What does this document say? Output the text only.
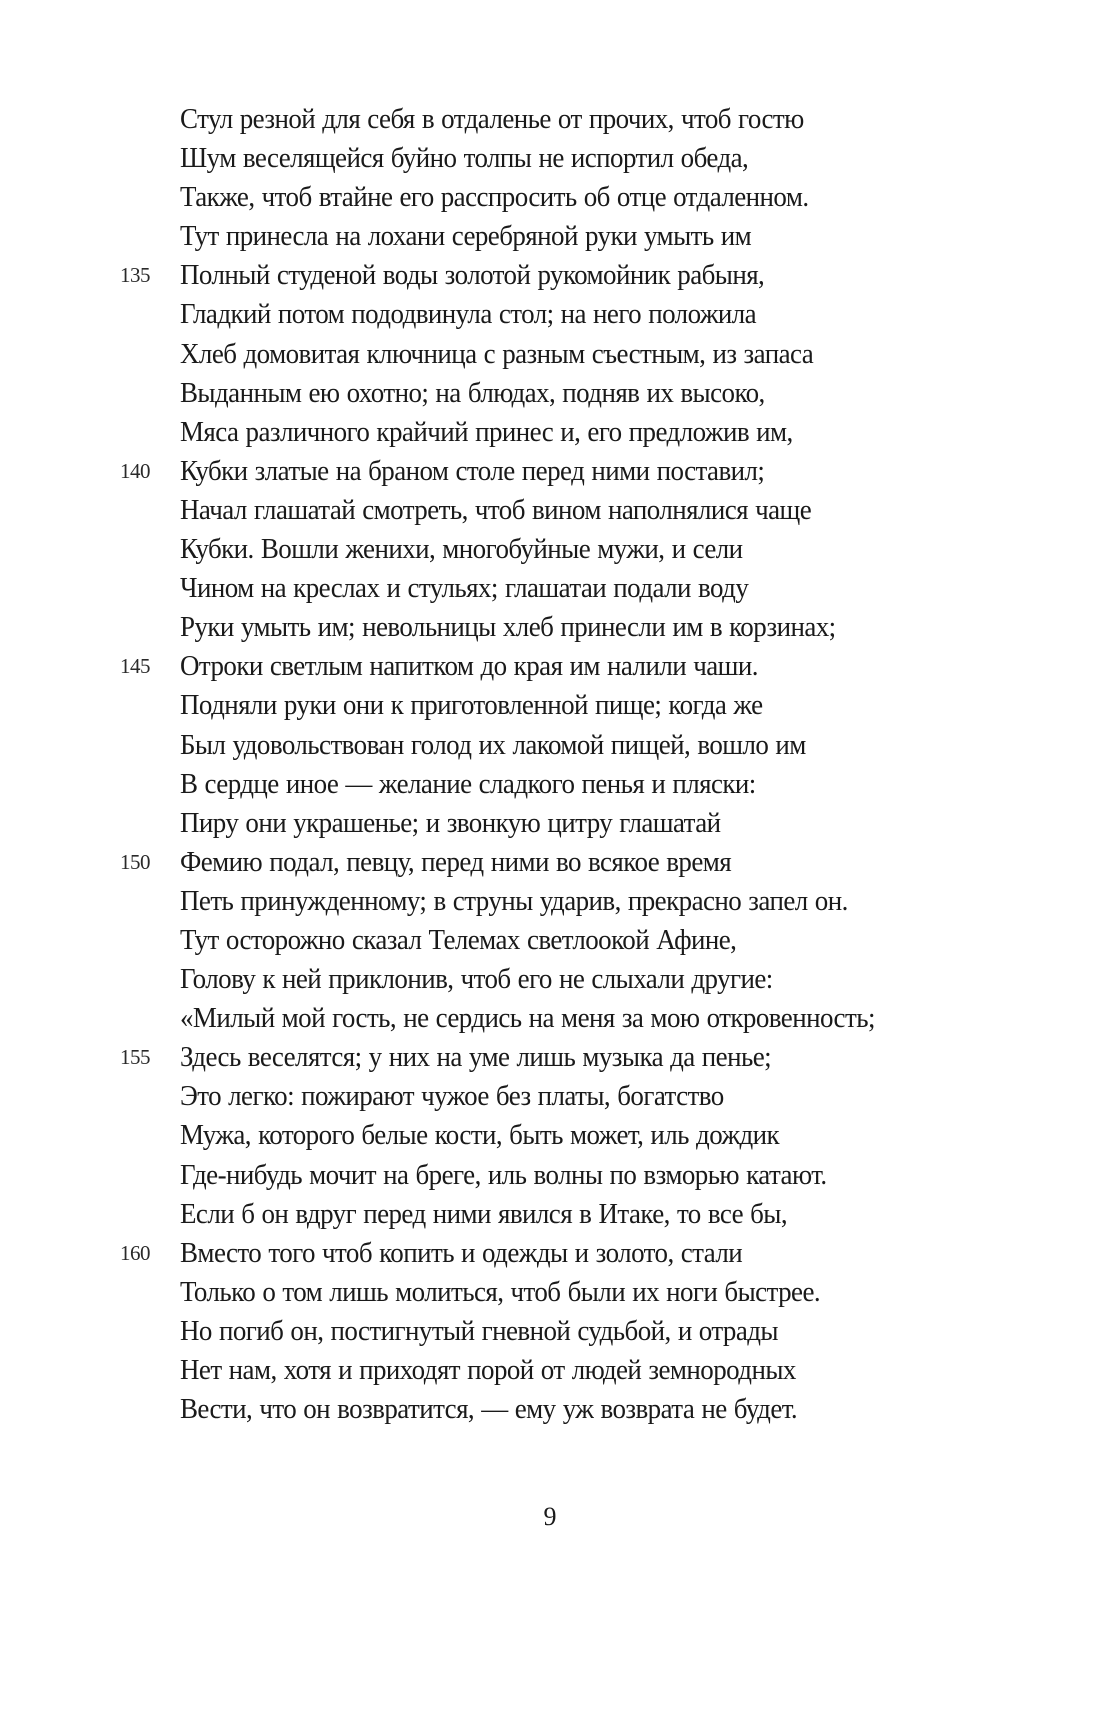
Стул резной для себя в отдаленье от прочих, чтоб гостю
Шум веселящейся буйно толпы не испортил обеда,
Также, чтоб втайне его расспросить об отце отдаленном.
Тут принесла на лохани серебряной руки умыть им
135	Полный студеной воды золотой рукомойник рабыня,
Гладкий потом пододвинула стол; на него положила
Хлеб домовитая ключница с разным съестным, из запаса
Выданным ею охотно; на блюдах, подняв их высоко,
Мяса различного крайчий принес и, его предложив им,
140	Кубки златые на браном столе перед ними поставил;
Начал глашатай смотреть, чтоб вином наполнялися чаще
Кубки. Вошли женихи, многобуйные мужи, и сели
Чином на креслах и стульях; глашатаи подали воду
Руки умыть им; невольницы хлеб принесли им в корзинах;
145	Отроки светлым напитком до края им налили чаши.
Подняли руки они к приготовленной пище; когда же
Был удовольствован голод их лакомой пищей, вошло им
В сердце иное — желание сладкого пенья и пляски:
Пиру они украшенье; и звонкую цитру глашатай
150	Фемию подал, певцу, перед ними во всякое время
Петь принужденному; в струны ударив, прекрасно запел он.
Тут осторожно сказал Телемах светлоокой Афине,
Голову к ней приклонив, чтоб его не слыхали другие:
«Милый мой гость, не сердись на меня за мою откровенность;
155	Здесь веселятся; у них на уме лишь музыка да пенье;
Это легко: пожирают чужое без платы, богатство
Мужа, которого белые кости, быть может, иль дождик
Где-нибудь мочит на бреге, иль волны по взморью катают.
Если б он вдруг перед ними явился в Итаке, то все бы,
160	Вместо того чтоб копить и одежды и золото, стали
Только о том лишь молиться, чтоб были их ноги быстрее.
Но погиб он, постигнутый гневной судьбой, и отрады
Нет нам, хотя и приходят порой от людей земнородных
Вести, что он возвратится, — ему уж возврата не будет.
9
